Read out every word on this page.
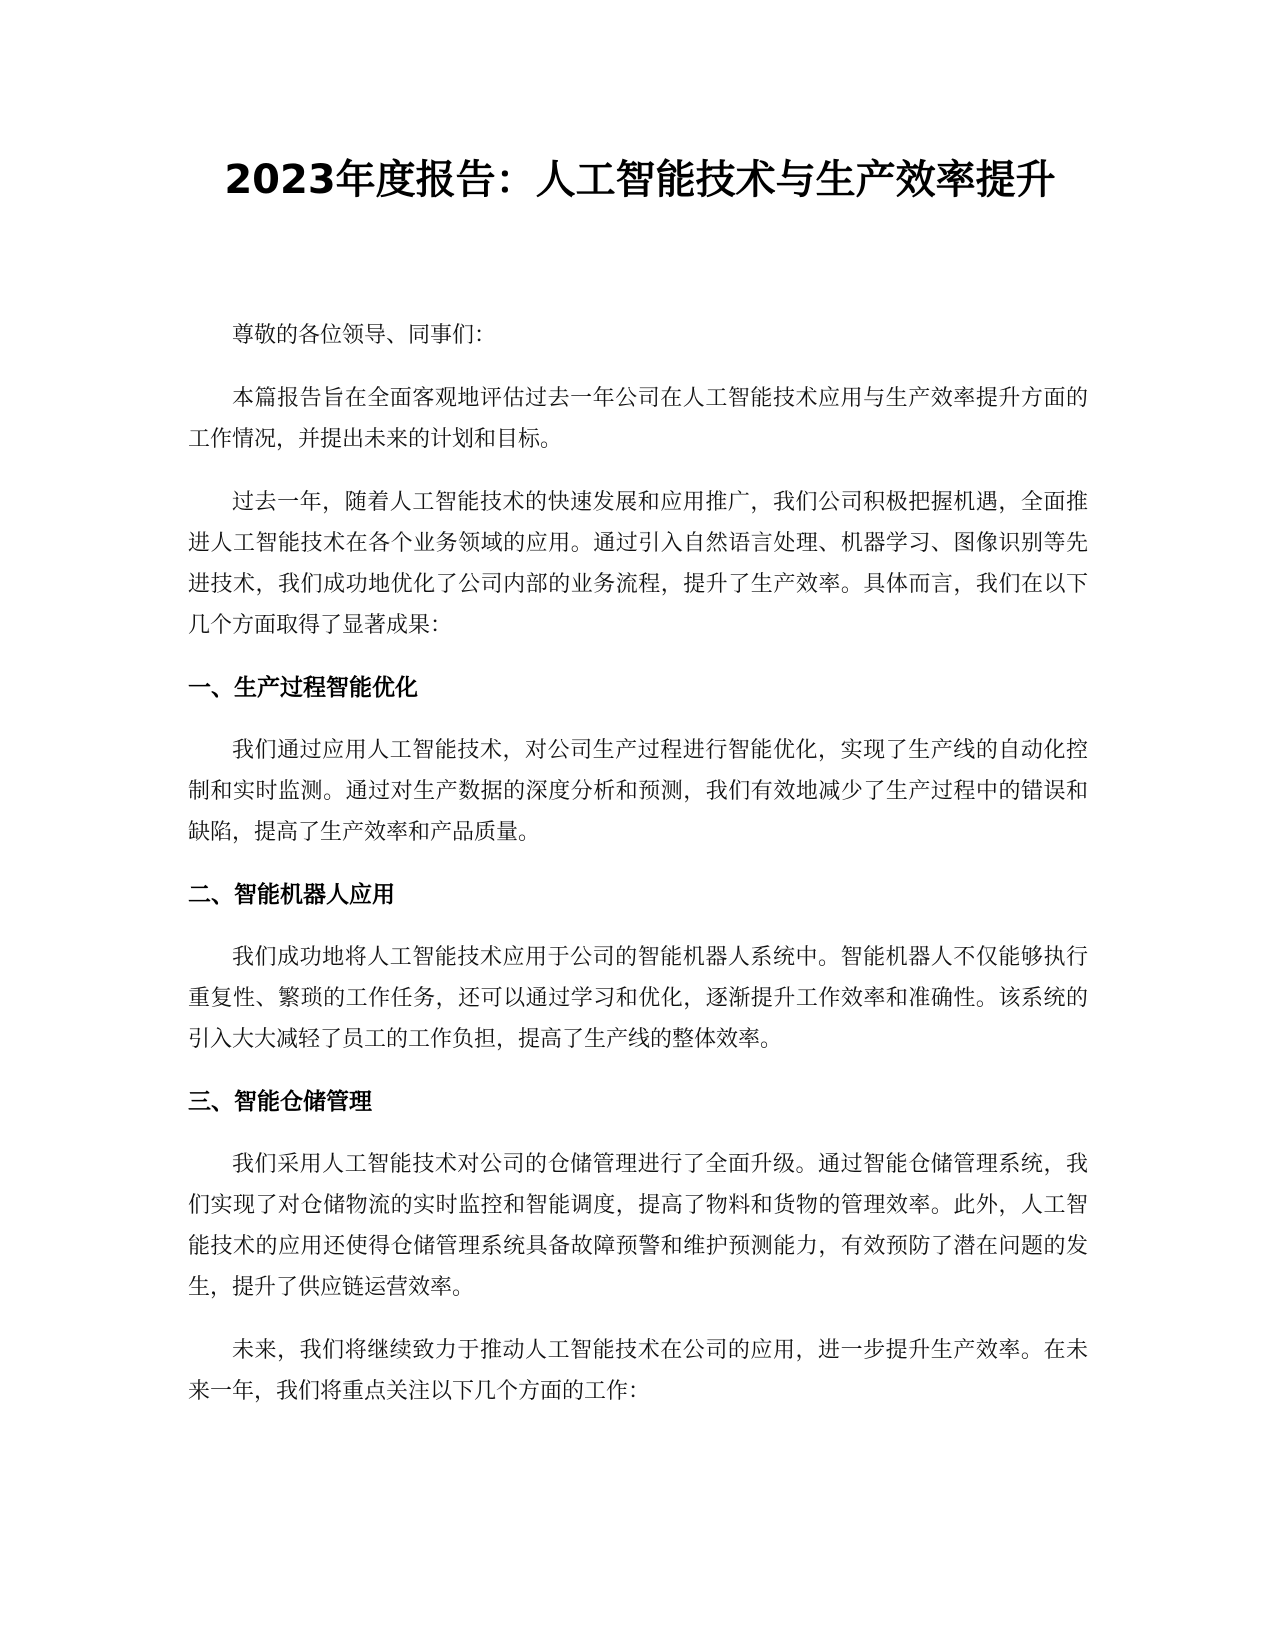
2023年度报告：人工智能技术与生产效率提升

尊敬的各位领导、同事们：

本篇报告旨在全面客观地评估过去一年公司在人工智能技术应用与生产效率提升方面的工作情况，并提出未来的计划和目标。

过去一年，随着人工智能技术的快速发展和应用推广，我们公司积极把握机遇，全面推进人工智能技术在各个业务领域的应用。通过引入自然语言处理、机器学习、图像识别等先进技术，我们成功地优化了公司内部的业务流程，提升了生产效率。具体而言，我们在以下几个方面取得了显著成果：

一、生产过程智能优化

我们通过应用人工智能技术，对公司生产过程进行智能优化，实现了生产线的自动化控制和实时监测。通过对生产数据的深度分析和预测，我们有效地减少了生产过程中的错误和缺陷，提高了生产效率和产品质量。

二、智能机器人应用

我们成功地将人工智能技术应用于公司的智能机器人系统中。智能机器人不仅能够执行重复性、繁琐的工作任务，还可以通过学习和优化，逐渐提升工作效率和准确性。该系统的引入大大减轻了员工的工作负担，提高了生产线的整体效率。

三、智能仓储管理

我们采用人工智能技术对公司的仓储管理进行了全面升级。通过智能仓储管理系统，我们实现了对仓储物流的实时监控和智能调度，提高了物料和货物的管理效率。此外，人工智能技术的应用还使得仓储管理系统具备故障预警和维护预测能力，有效预防了潜在问题的发生，提升了供应链运营效率。

未来，我们将继续致力于推动人工智能技术在公司的应用，进一步提升生产效率。在未来一年，我们将重点关注以下几个方面的工作：
